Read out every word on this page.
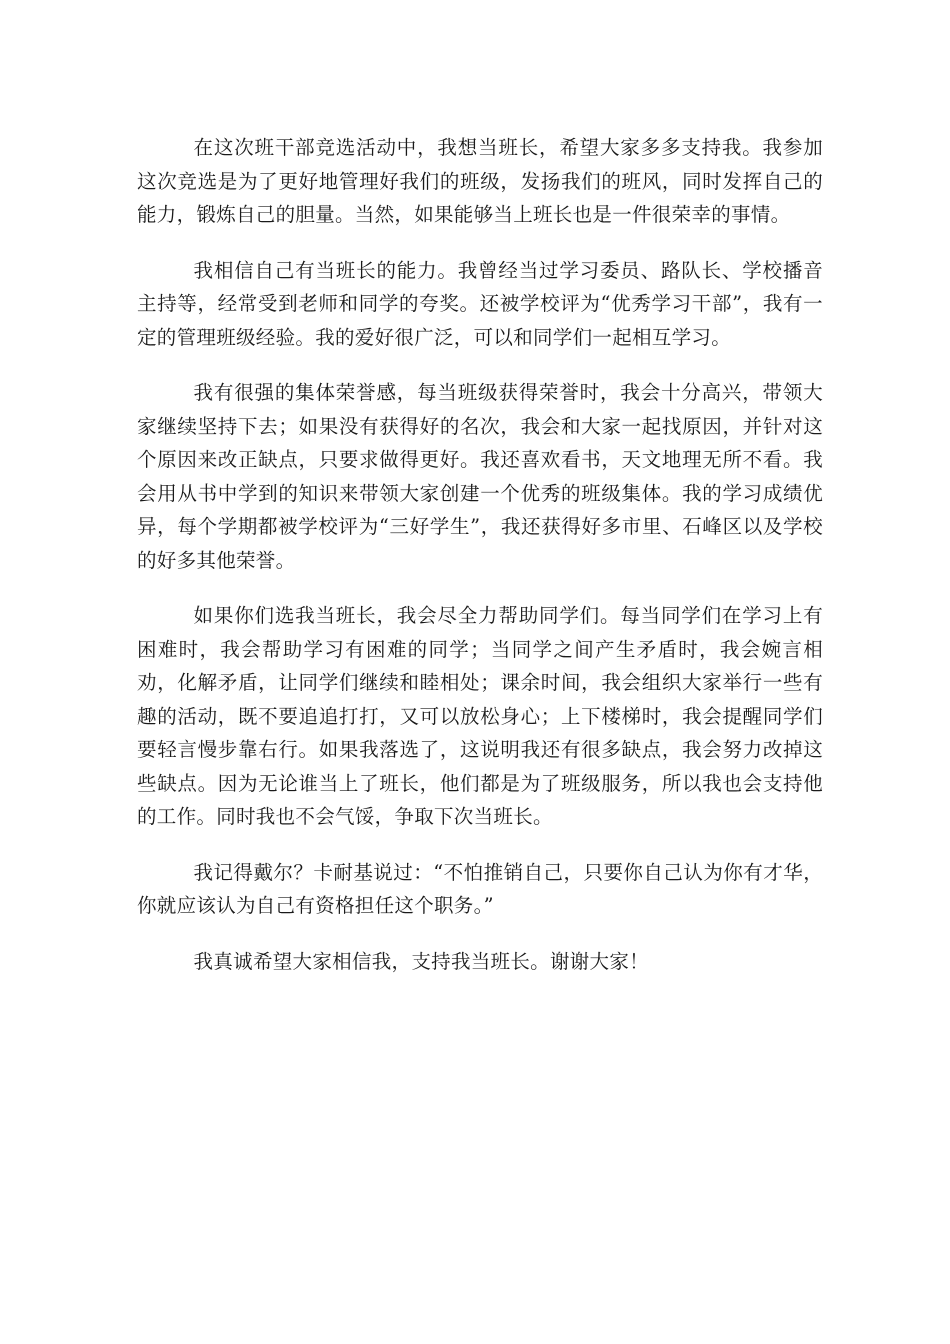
在这次班干部竞选活动中，我想当班长，希望大家多多支持我。我参加这次竞选是为了更好地管理好我们的班级，发扬我们的班风，同时发挥自己的能力，锻炼自己的胆量。当然，如果能够当上班长也是一件很荣幸的事情。

我相信自己有当班长的能力。我曾经当过学习委员、路队长、学校播音主持等，经常受到老师和同学的夸奖。还被学校评为“优秀学习干部”，我有一定的管理班级经验。我的爱好很广泛，可以和同学们一起相互学习。

我有很强的集体荣誉感，每当班级获得荣誉时，我会十分高兴，带领大家继续坚持下去；如果没有获得好的名次，我会和大家一起找原因，并针对这个原因来改正缺点，只要求做得更好。我还喜欢看书，天文地理无所不看。我会用从书中学到的知识来带领大家创建一个优秀的班级集体。我的学习成绩优异，每个学期都被学校评为“三好学生”，我还获得好多市里、石峰区以及学校的好多其他荣誉。

如果你们选我当班长，我会尽全力帮助同学们。每当同学们在学习上有困难时，我会帮助学习有困难的同学；当同学之间产生矛盾时，我会婉言相劝，化解矛盾，让同学们继续和睦相处；课余时间，我会组织大家举行一些有趣的活动，既不要追追打打，又可以放松身心；上下楼梯时，我会提醒同学们要轻言慢步靠右行。如果我落选了，这说明我还有很多缺点，我会努力改掉这些缺点。因为无论谁当上了班长，他们都是为了班级服务，所以我也会支持他的工作。同时我也不会气馁，争取下次当班长。

我记得戴尔？卡耐基说过：“不怕推销自己，只要你自己认为你有才华，你就应该认为自己有资格担任这个职务。”

我真诚希望大家相信我，支持我当班长。谢谢大家！
